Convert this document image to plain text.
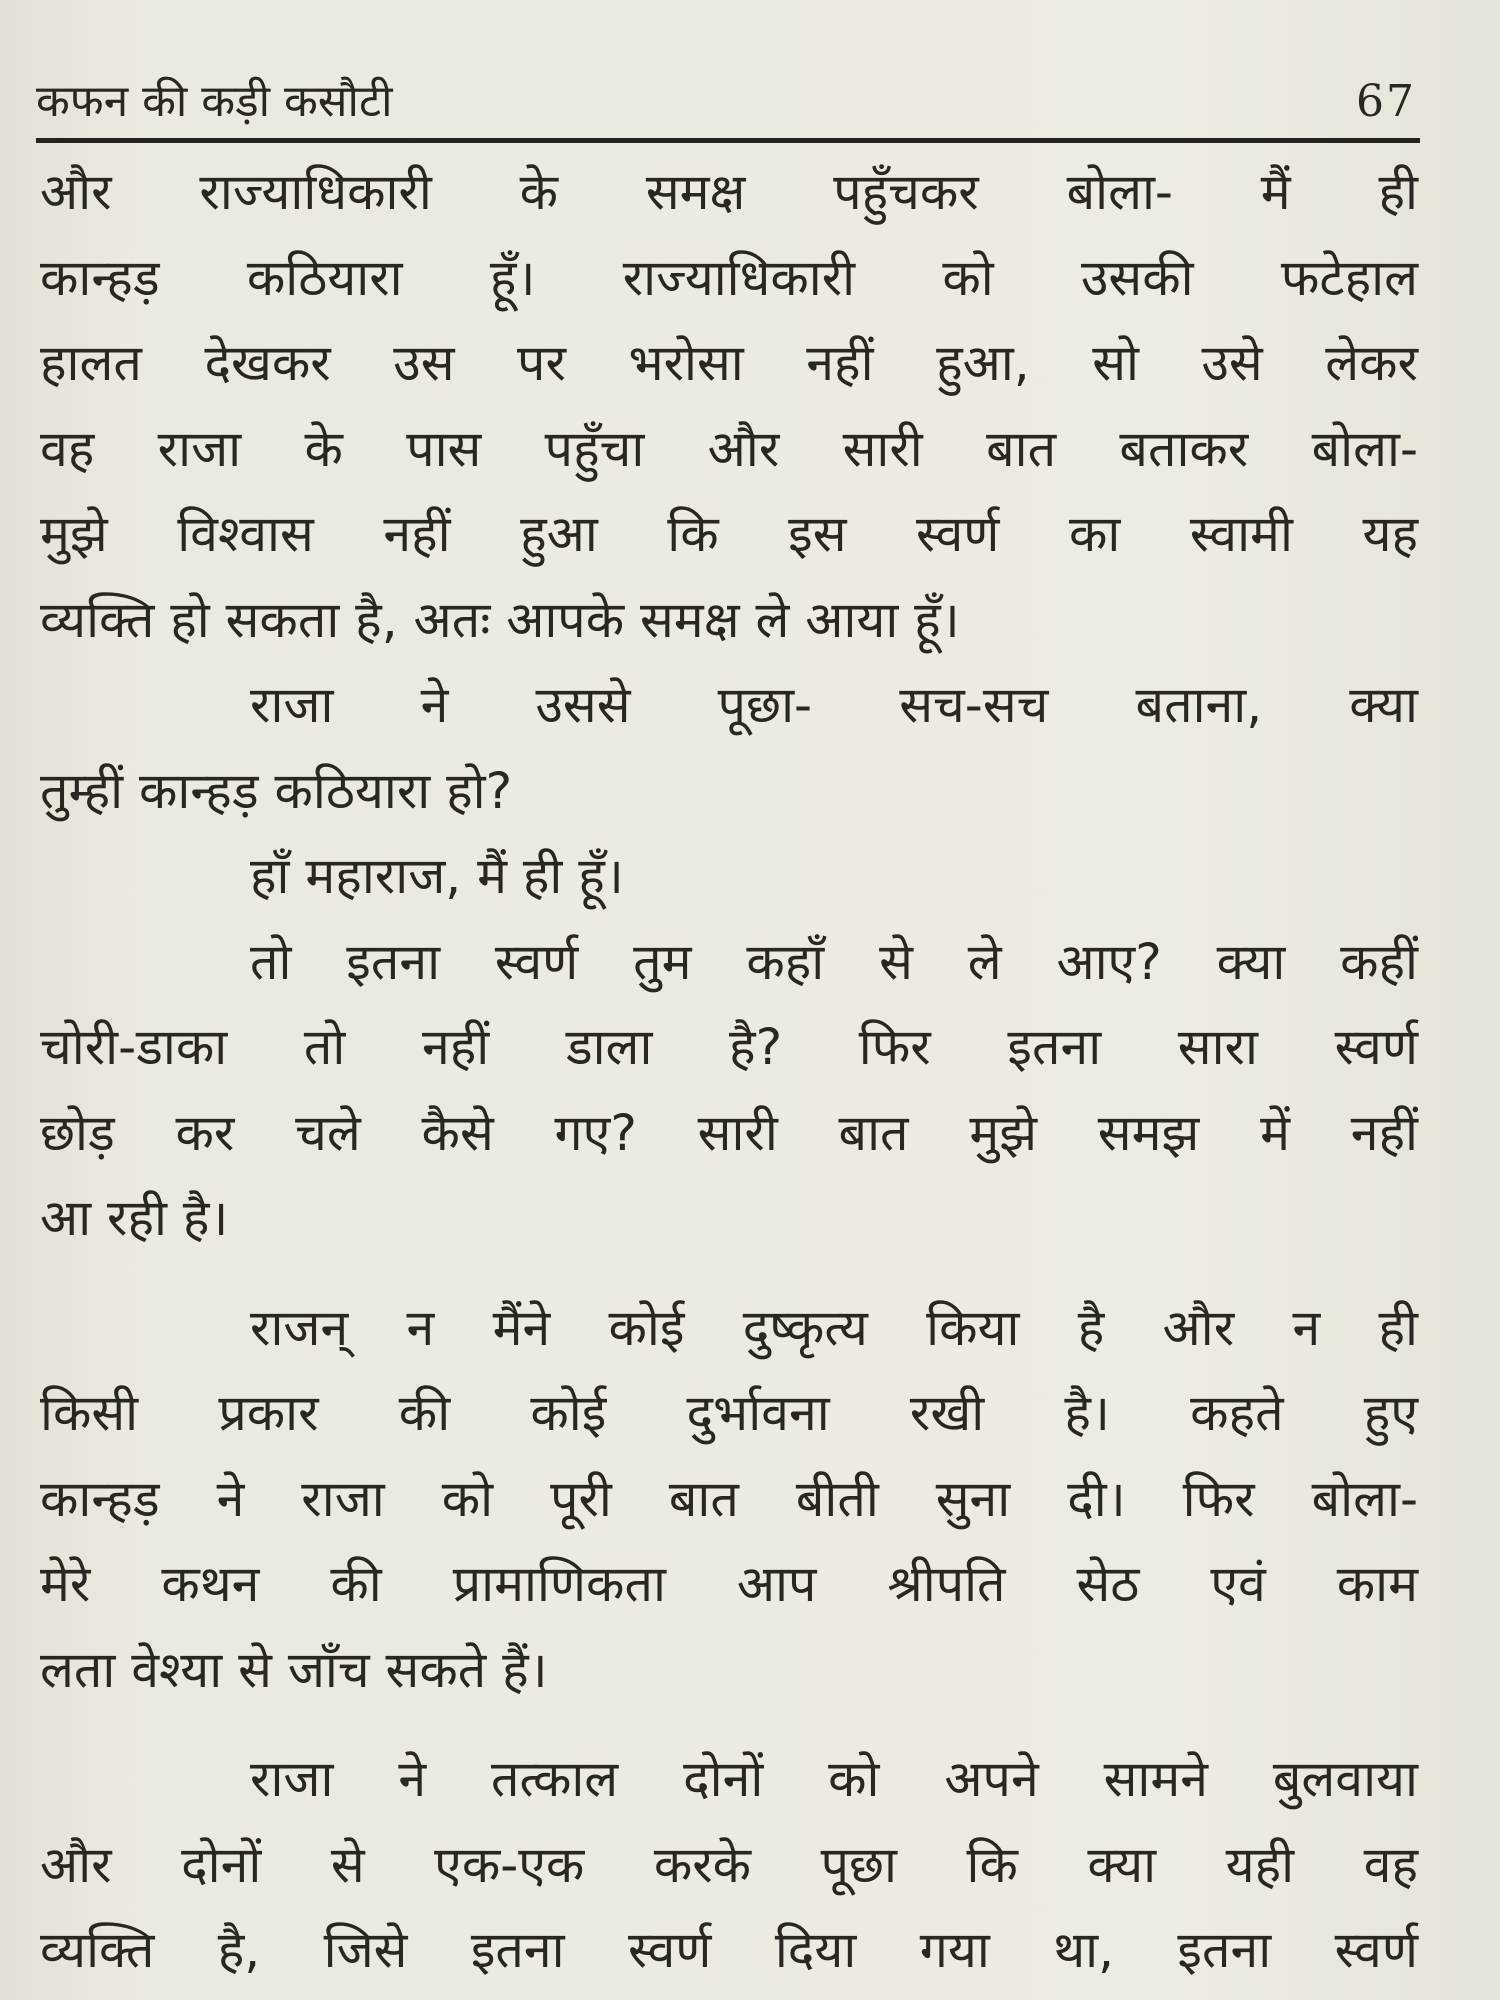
कफन की कड़ी कसौटी	67
और राज्याधिकारी के समक्ष पहुँचकर बोला- मैं ही
कान्हड़ कठियारा हूँ। राज्याधिकारी को उसकी फटेहाल
हालत देखकर उस पर भरोसा नहीं हुआ, सो उसे लेकर
वह राजा के पास पहुँचा और सारी बात बताकर बोला-
मुझे विश्वास नहीं हुआ कि इस स्वर्ण का स्वामी यह
व्यक्ति हो सकता है, अतः आपके समक्ष ले आया हूँ।
राजा ने उससे पूछा- सच-सच बताना, क्या
तुम्हीं कान्हड़ कठियारा हो?
हाँ महाराज, मैं ही हूँ।
तो इतना स्वर्ण तुम कहाँ से ले आए? क्या कहीं
चोरी-डाका तो नहीं डाला है? फिर इतना सारा स्वर्ण
छोड़ कर चले कैसे गए? सारी बात मुझे समझ में नहीं
आ रही है।
राजन् न मैंने कोई दुष्कृत्य किया है और न ही
किसी प्रकार की कोई दुर्भावना रखी है। कहते हुए
कान्हड़ ने राजा को पूरी बात बीती सुना दी। फिर बोला-
मेरे कथन की प्रामाणिकता आप श्रीपति सेठ एवं काम
लता वेश्या से जाँच सकते हैं।
राजा ने तत्काल दोनों को अपने सामने बुलवाया
और दोनों से एक-एक करके पूछा कि क्या यही वह
व्यक्ति है, जिसे इतना स्वर्ण दिया गया था, इतना स्वर्ण
